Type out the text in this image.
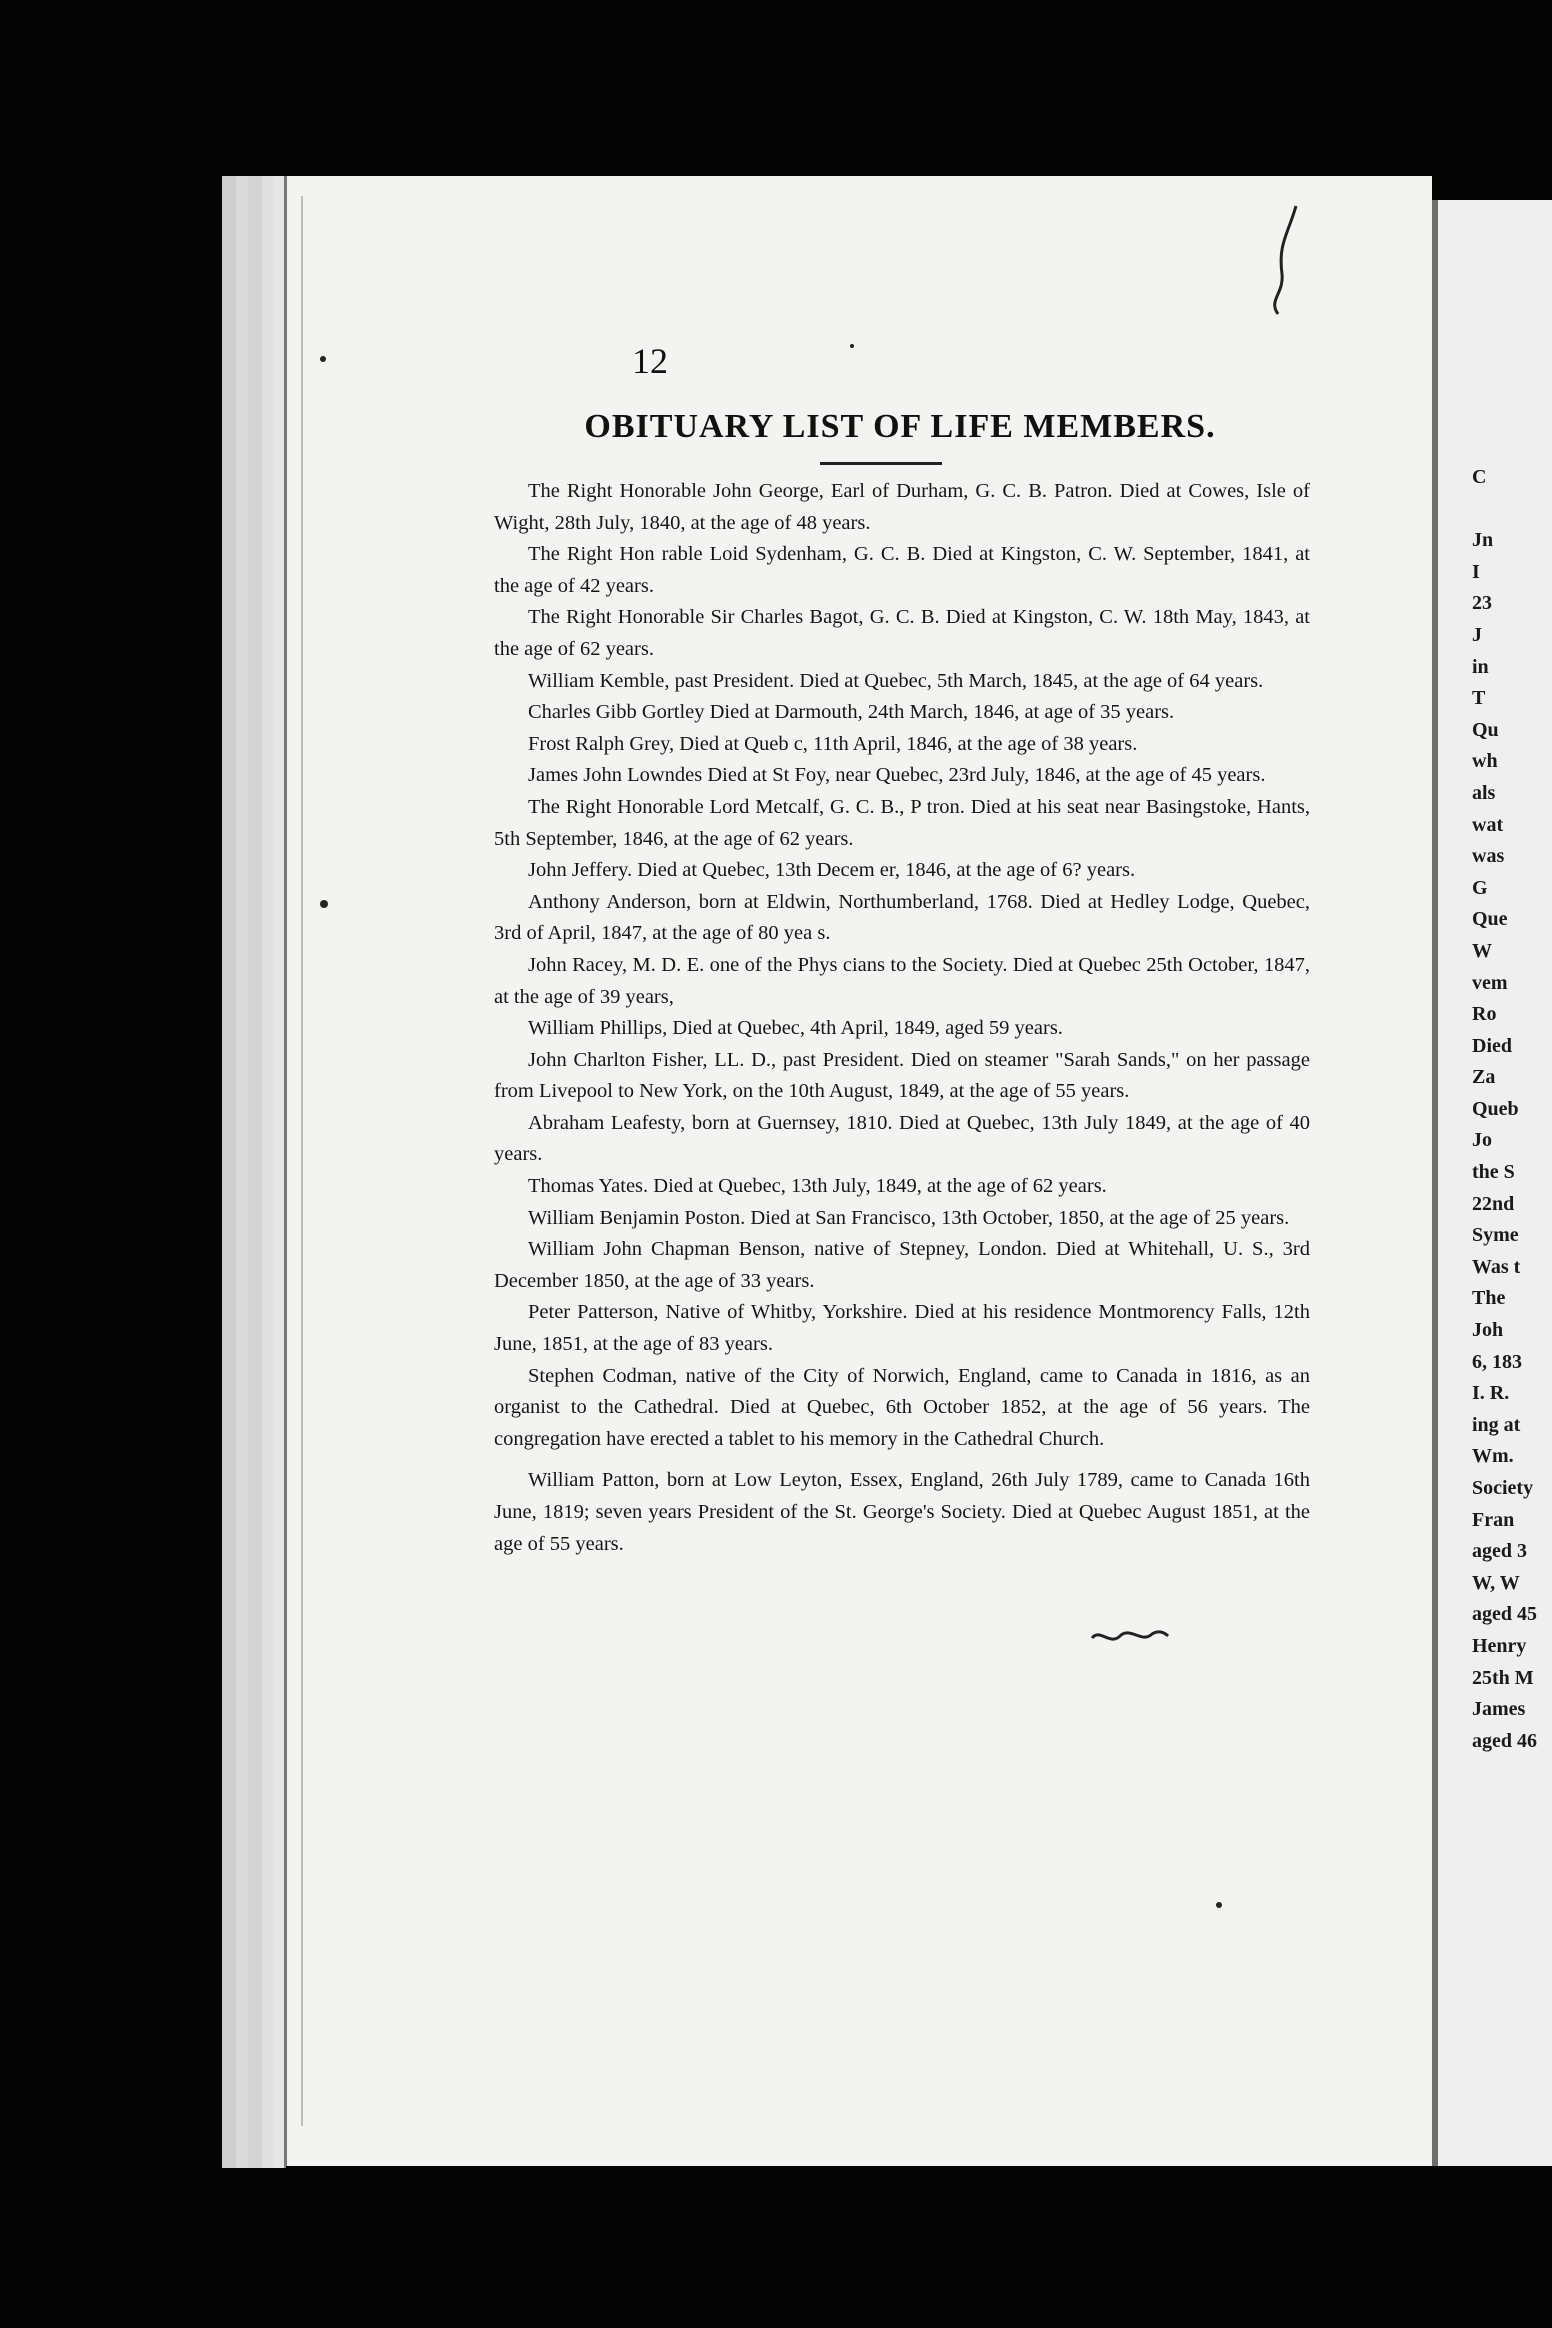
C
Jn
I
23
J
in
T
Qu
wh
als
wat
was
G
Que
W
vem
Ro
Died
Za
Queb
Jo
the S
22nd
Syme
Was t
The
Joh
6, 183
I. R.
ing at
Wm.
Society
Fran
aged 3
W, W
aged 45
Henry
25th M
James
aged 46
12
OBITUARY LIST OF LIFE MEMBERS.

The Right Honorable John George, Earl of Durham, G. C. B. Patron. Died at Cowes, Isle of Wight, 28th July, 1840, at the age of 48 years.

The Right Hon rable Loid Sydenham, G. C. B. Died at Kingston, C. W. September, 1841, at the age of 42 years.

The Right Honorable Sir Charles Bagot, G. C. B. Died at Kingston, C. W. 18th May, 1843, at the age of 62 years.

William Kemble, past President. Died at Quebec, 5th March, 1845, at the age of 64 years.

Charles Gibb Gortley Died at Darmouth, 24th March, 1846, at age of 35 years.

Frost Ralph Grey, Died at Queb c, 11th April, 1846, at the age of 38 years.

James John Lowndes Died at St Foy, near Quebec, 23rd July, 1846, at the age of 45 years.

The Right Honorable Lord Metcalf, G. C. B., P tron. Died at his seat near Basingstoke, Hants, 5th September, 1846, at the age of 62 years.

John Jeffery. Died at Quebec, 13th Decem er, 1846, at the age of 6? years.

Anthony Anderson, born at Eldwin, Northumberland, 1768. Died at Hedley Lodge, Quebec, 3rd of April, 1847, at the age of 80 yea s.

John Racey, M. D. E. one of the Phys cians to the Society. Died at Quebec 25th October, 1847, at the age of 39 years,

William Phillips, Died at Quebec, 4th April, 1849, aged 59 years.

John Charlton Fisher, LL. D., past President. Died on steamer "Sarah Sands," on her passage from Livepool to New York, on the 10th August, 1849, at the age of 55 years.

Abraham Leafesty, born at Guernsey, 1810. Died at Quebec, 13th July 1849, at the age of 40 years.

Thomas Yates. Died at Quebec, 13th July, 1849, at the age of 62 years.

William Benjamin Poston. Died at San Francisco, 13th October, 1850, at the age of 25 years.

William John Chapman Benson, native of Stepney, London. Died at Whitehall, U. S., 3rd December 1850, at the age of 33 years.

Peter Patterson, Native of Whitby, Yorkshire. Died at his residence Montmorency Falls, 12th June, 1851, at the age of 83 years.

Stephen Codman, native of the City of Norwich, England, came to Canada in 1816, as an organist to the Cathedral. Died at Quebec, 6th October 1852, at the age of 56 years. The congregation have erected a tablet to his memory in the Cathedral Church.

William Patton, born at Low Leyton, Essex, England, 26th July 1789, came to Canada 16th June, 1819; seven years President of the St. George's Society. Died at Quebec August 1851, at the age of 55 years.
